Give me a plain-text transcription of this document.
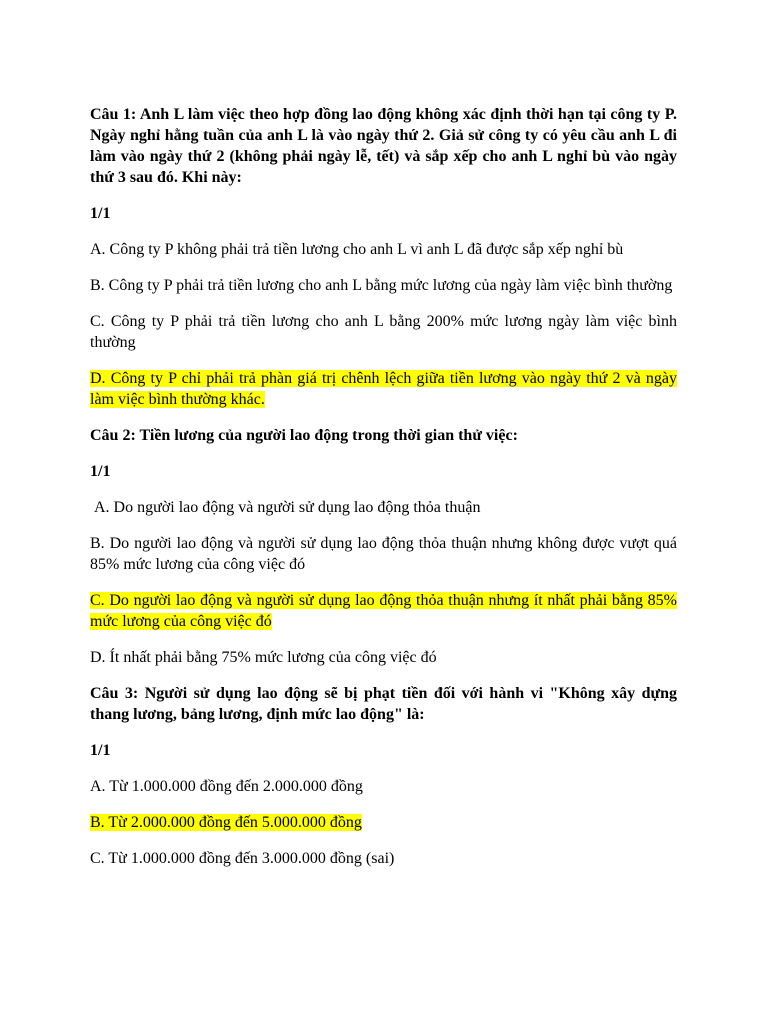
Câu 1: Anh L làm việc theo hợp đồng lao động không xác định thời hạn tại công ty P. Ngày nghỉ hằng tuần của anh L là vào ngày thứ 2. Giả sử công ty có yêu cầu anh L đi làm vào ngày thứ 2 (không phải ngày lễ, tết) và sắp xếp cho anh L nghỉ bù vào ngày thứ 3 sau đó. Khi này:

1/1

A. Công ty P không phải trả tiền lương cho anh L vì anh L đã được sắp xếp nghỉ bù

B. Công ty P phải trả tiền lương cho anh L bằng mức lương của ngày làm việc bình thường

C. Công ty P phải trả tiền lương cho anh L bằng 200% mức lương ngày làm việc bình thường

D. Công ty P chỉ phải trả phàn giá trị chênh lệch giữa tiền lương vào ngày thứ 2 và ngày làm việc bình thường khác.

Câu 2: Tiền lương của người lao động trong thời gian thử việc:

1/1

A. Do người lao động và người sử dụng lao động thỏa thuận

B. Do người lao động và người sử dụng lao động thỏa thuận nhưng không được vượt quá 85% mức lương của công việc đó

C. Do người lao động và người sử dụng lao động thỏa thuận nhưng ít nhất phải bằng 85% mức lương của công việc đó

D. Ít nhất phải bằng 75% mức lương của công việc đó

Câu 3: Người sử dụng lao động sẽ bị phạt tiền đối với hành vi "Không xây dựng thang lương, bảng lương, định mức lao động" là:

1/1

A. Từ 1.000.000 đồng đến 2.000.000 đồng

B. Từ 2.000.000 đồng đến 5.000.000 đồng

C. Từ 1.000.000 đồng đến 3.000.000 đồng (sai)
